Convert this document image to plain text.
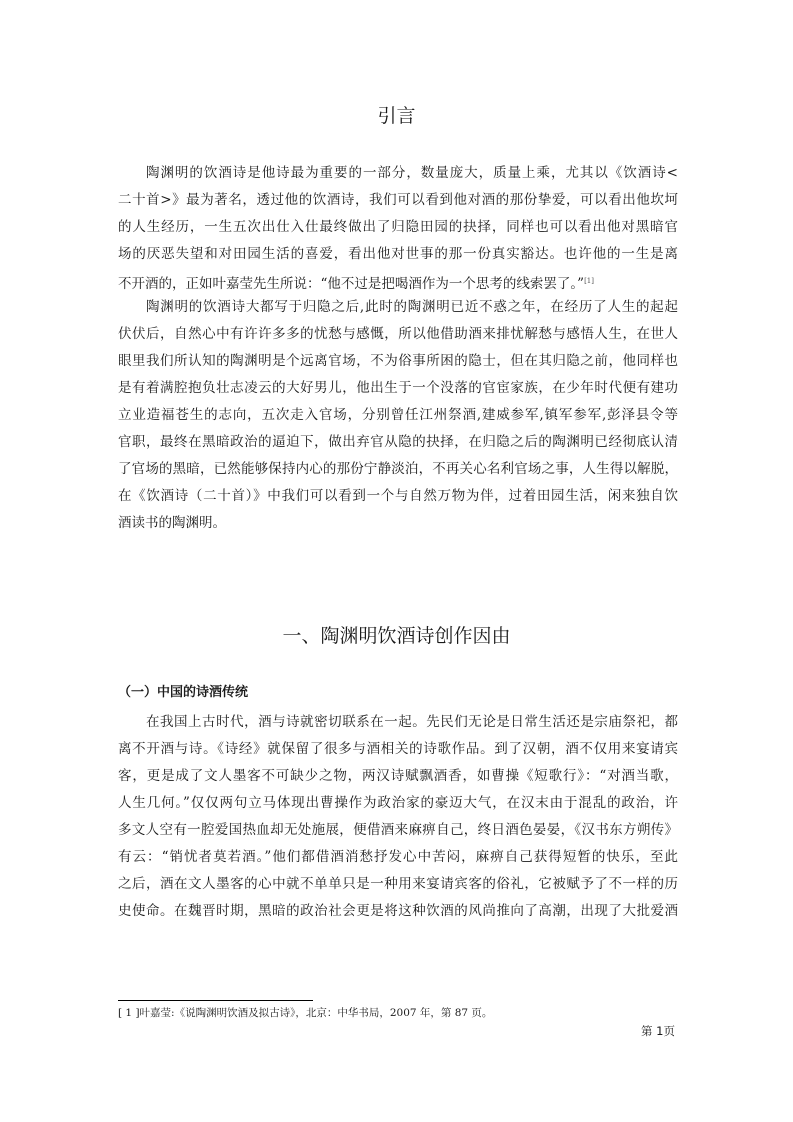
引言
陶渊明的饮酒诗是他诗最为重要的一部分，数量庞大，质量上乘，尤其以《饮酒诗<
二十首>》最为著名，透过他的饮酒诗，我们可以看到他对酒的那份挚爱，可以看出他坎坷
的人生经历，一生五次出仕入仕最终做出了归隐田园的抉择，同样也可以看出他对黑暗官
场的厌恶失望和对田园生活的喜爱，看出他对世事的那一份真实豁达。也许他的一生是离
不开酒的，正如叶嘉莹先生所说：“他不过是把喝酒作为一个思考的线索罢了。”[1]
陶渊明的饮酒诗大都写于归隐之后,此时的陶渊明已近不惑之年，在经历了人生的起起
伏伏后，自然心中有许许多多的忧愁与感慨，所以他借助酒来排忧解愁与感悟人生，在世人
眼里我们所认知的陶渊明是个远离官场，不为俗事所困的隐士，但在其归隐之前，他同样也
是有着满腔抱负壮志凌云的大好男儿，他出生于一个没落的官宦家族，在少年时代便有建功
立业造福苍生的志向，五次走入官场，分别曾任江州祭酒,建威参军,镇军参军,彭泽县令等
官职，最终在黑暗政治的逼迫下，做出弃官从隐的抉择，在归隐之后的陶渊明已经彻底认清
了官场的黑暗，已然能够保持内心的那份宁静淡泊，不再关心名利官场之事，人生得以解脱，
在《饮酒诗（二十首）》中我们可以看到一个与自然万物为伴，过着田园生活，闲来独自饮
酒读书的陶渊明。
一、陶渊明饮酒诗创作因由
（一）中国的诗酒传统
在我国上古时代，酒与诗就密切联系在一起。先民们无论是日常生活还是宗庙祭祀，都
离不开酒与诗。《诗经》就保留了很多与酒相关的诗歌作品。到了汉朝，酒不仅用来宴请宾
客，更是成了文人墨客不可缺少之物，两汉诗赋飘酒香，如曹操《短歌行》：“对酒当歌，
人生几何。”仅仅两句立马体现出曹操作为政治家的豪迈大气，在汉末由于混乱的政治，许
多文人空有一腔爱国热血却无处施展，便借酒来麻痹自己，终日酒色晏晏，《汉书东方朔传》
有云：“销忧者莫若酒。”他们都借酒消愁抒发心中苦闷，麻痹自己获得短暂的快乐，至此
之后，酒在文人墨客的心中就不单单只是一种用来宴请宾客的俗礼，它被赋予了不一样的历
史使命。在魏晋时期，黑暗的政治社会更是将这种饮酒的风尚推向了高潮，出现了大批爱酒
[ 1 ]叶嘉莹:《说陶渊明饮酒及拟古诗》，北京：中华书局，2007 年，第 87 页。
第 1页
